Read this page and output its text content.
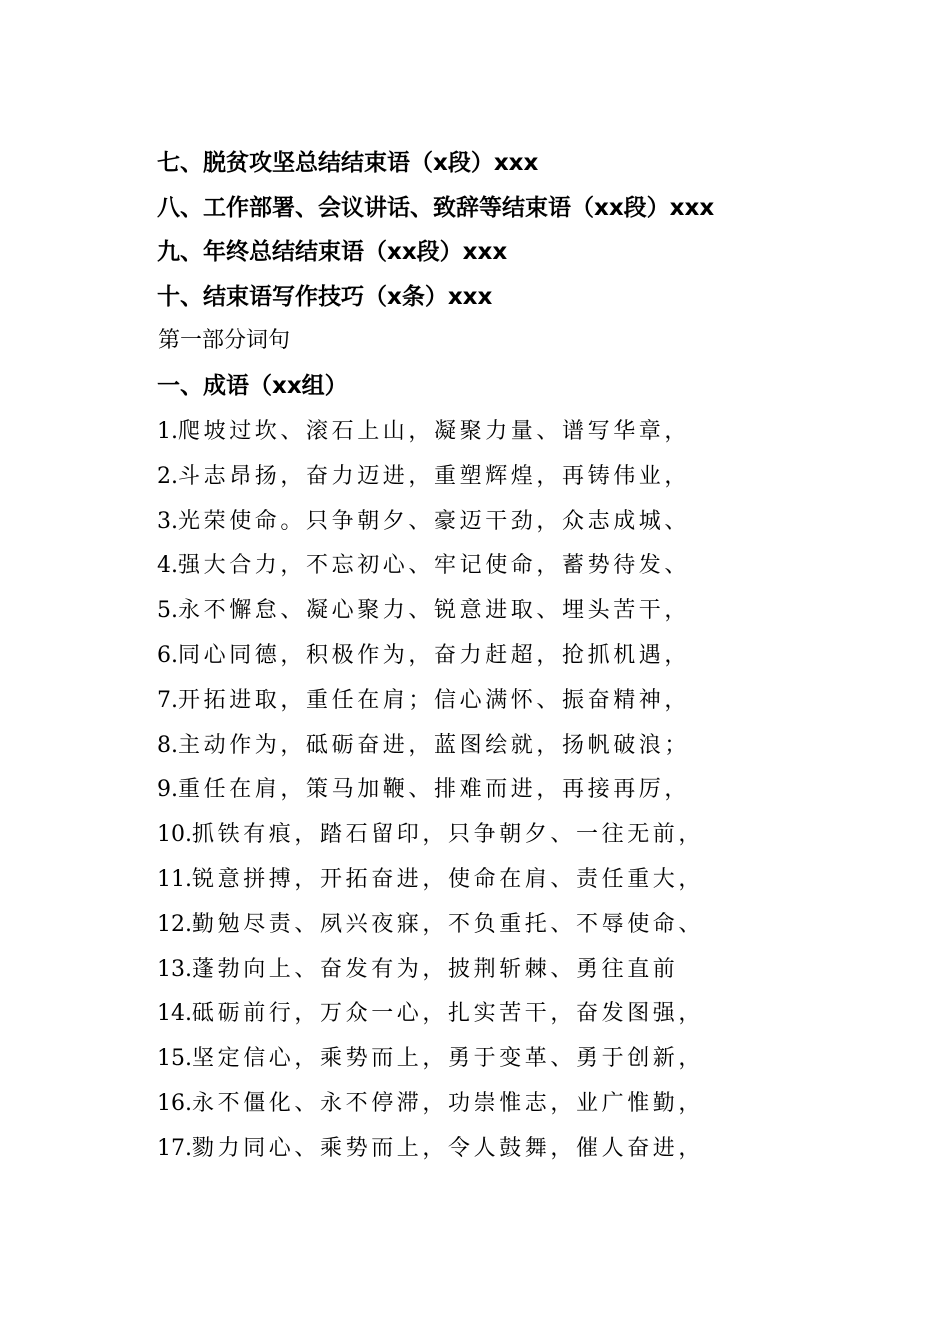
七、脱贫攻坚总结结束语（x段）xxx
八、工作部署、会议讲话、致辞等结束语（xx段）xxx
九、年终总结结束语（xx段）xxx
十、结束语写作技巧（x条）xxx
第一部分词句
一、成语（xx组）
1.爬坡过坎、滚石上山，凝聚力量、谱写华章，
2.斗志昂扬，奋力迈进，重塑辉煌，再铸伟业，
3.光荣使命。只争朝夕、豪迈干劲，众志成城、
4.强大合力，不忘初心、牢记使命，蓄势待发、
5.永不懈怠、凝心聚力、锐意进取、埋头苦干，
6.同心同德，积极作为，奋力赶超，抢抓机遇，
7.开拓进取，重任在肩；信心满怀、振奋精神，
8.主动作为，砥砺奋进，蓝图绘就，扬帆破浪；
9.重任在肩，策马加鞭、排难而进，再接再厉，
10.抓铁有痕，踏石留印，只争朝夕、一往无前，
11.锐意拼搏，开拓奋进，使命在肩、责任重大，
12.勤勉尽责、夙兴夜寐，不负重托、不辱使命、
13.蓬勃向上、奋发有为，披荆斩棘、勇往直前
14.砥砺前行，万众一心，扎实苦干，奋发图强，
15.坚定信心，乘势而上，勇于变革、勇于创新，
16.永不僵化、永不停滞，功崇惟志，业广惟勤，
17.勠力同心、乘势而上，令人鼓舞，催人奋进，
